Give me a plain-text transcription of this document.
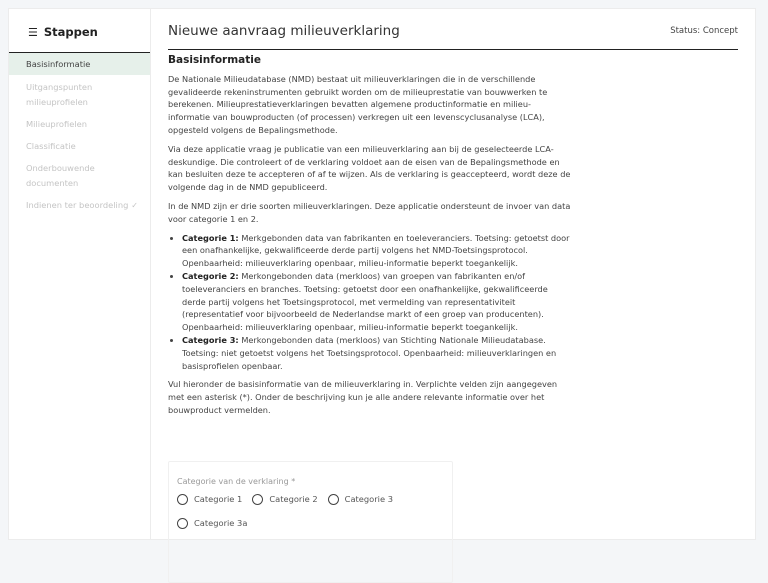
☰ Stappen
Basisinformatie
Uitgangspunten milieuprofielen
Milieuprofielen
Classificatie
Onderbouwende documenten
Indienen ter beoordeling ✓
Nieuwe aanvraag milieuverklaring	Status: Concept
Basisinformatie

De Nationale Milieudatabase (NMD) bestaat uit milieuverklaringen die in de verschillende gevalideerde rekeninstrumenten gebruikt worden om de milieuprestatie van bouwwerken te berekenen. Milieuprestatieverklaringen bevatten algemene productinformatie en milieu-informatie van bouwproducten (of processen) verkregen uit een levenscyclusanalyse (LCA), opgesteld volgens de Bepalingsmethode.

Via deze applicatie vraag je publicatie van een milieuverklaring aan bij de geselecteerde LCA-deskundige. Die controleert of de verklaring voldoet aan de eisen van de Bepalingsmethode en kan besluiten deze te accepteren of af te wijzen. Als de verklaring is geaccepteerd, wordt deze de volgende dag in de NMD gepubliceerd.

In de NMD zijn er drie soorten milieuverklaringen. Deze applicatie ondersteunt de invoer van data voor categorie 1 en 2.

• Categorie 1: Merkgebonden data van fabrikanten en toeleveranciers. Toetsing: getoetst door een onafhankelijke, gekwalificeerde derde partij volgens het NMD-Toetsingsprotocol. Openbaarheid: milieuverklaring openbaar, milieu-informatie beperkt toegankelijk.
• Categorie 2: Merkongebonden data (merkloos) van groepen van fabrikanten en/of toeleveranciers en branches. Toetsing: getoetst door een onafhankelijke, gekwalificeerde derde partij volgens het Toetsingsprotocol, met vermelding van representativiteit (representatief voor bijvoorbeeld de Nederlandse markt of een groep van producenten). Openbaarheid: milieuverklaring openbaar, milieu-informatie beperkt toegankelijk.
• Categorie 3: Merkongebonden data (merkloos) van Stichting Nationale Milieudatabase. Toetsing: niet getoetst volgens het Toetsingsprotocol. Openbaarheid: milieuverklaringen en basisprofielen openbaar.

Vul hieronder de basisinformatie van de milieuverklaring in. Verplichte velden zijn aangegeven met een asterisk (*). Onder de beschrijving kun je alle andere relevante informatie over het bouwproduct vermelden.

Categorie van de verklaring *
Categorie 1	Categorie 2	Categorie 3
Categorie 3a
